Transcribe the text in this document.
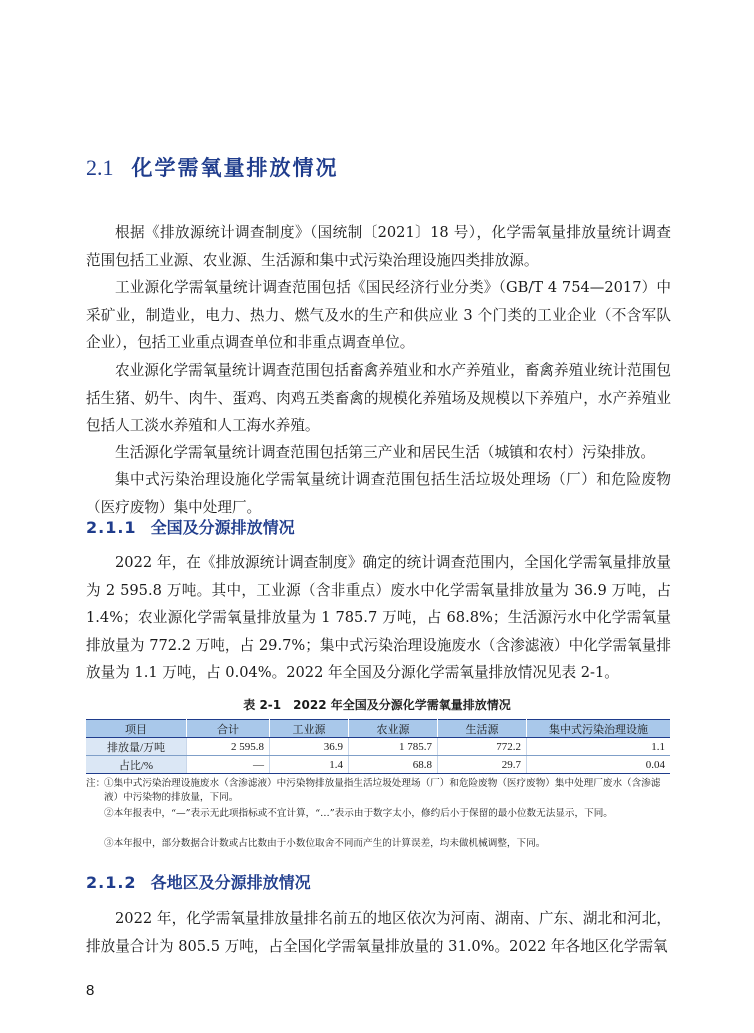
2.1 化学需氧量排放情况

根据《排放源统计调查制度》（国统制〔2021〕18 号），化学需氧量排放量统计调查范围包括工业源、农业源、生活源和集中式污染治理设施四类排放源。

工业源化学需氧量统计调查范围包括《国民经济行业分类》（GB/T 4 754—2017）中采矿业，制造业，电力、热力、燃气及水的生产和供应业 3 个门类的工业企业（不含军队企业），包括工业重点调查单位和非重点调查单位。

农业源化学需氧量统计调查范围包括畜禽养殖业和水产养殖业，畜禽养殖业统计范围包括生猪、奶牛、肉牛、蛋鸡、肉鸡五类畜禽的规模化养殖场及规模以下养殖户，水产养殖业包括人工淡水养殖和人工海水养殖。

生活源化学需氧量统计调查范围包括第三产业和居民生活（城镇和农村）污染排放。

集中式污染治理设施化学需氧量统计调查范围包括生活垃圾处理场（厂）和危险废物（医疗废物）集中处理厂。

2.1.1 全国及分源排放情况

2022 年，在《排放源统计调查制度》确定的统计调查范围内，全国化学需氧量排放量为 2 595.8 万吨。其中，工业源（含非重点）废水中化学需氧量排放量为 36.9 万吨，占 1.4%；农业源化学需氧量排放量为 1 785.7 万吨，占 68.8%；生活源污水中化学需氧量排放量为 772.2 万吨，占 29.7%；集中式污染治理设施废水（含渗滤液）中化学需氧量排放量为 1.1 万吨，占 0.04%。2022 年全国及分源化学需氧量排放情况见表 2-1。

表 2-1　2022 年全国及分源化学需氧量排放情况
项目	合计	工业源	农业源	生活源	集中式污染治理设施
排放量/万吨	2 595.8	36.9	1 785.7	772.2	1.1
占比/%	—	1.4	68.8	29.7	0.04
注：
①集中式污染治理设施废水（含渗滤液）中污染物排放量指生活垃圾处理场（厂）和危险废物（医疗废物）集中处理厂废水（含渗滤液）中污染物的排放量，下同。
②本年报表中，“—”表示无此项指标或不宜计算，“…”表示由于数字太小，修约后小于保留的最小位数无法显示，下同。
③本年报中，部分数据合计数或占比数由于小数位取舍不同而产生的计算误差，均未做机械调整，下同。
2.1.2 各地区及分源排放情况

2022 年，化学需氧量排放量排名前五的地区依次为河南、湖南、广东、湖北和河北，排放量合计为 805.5 万吨，占全国化学需氧量排放量的 31.0%。2022 年各地区化学需氧

8
